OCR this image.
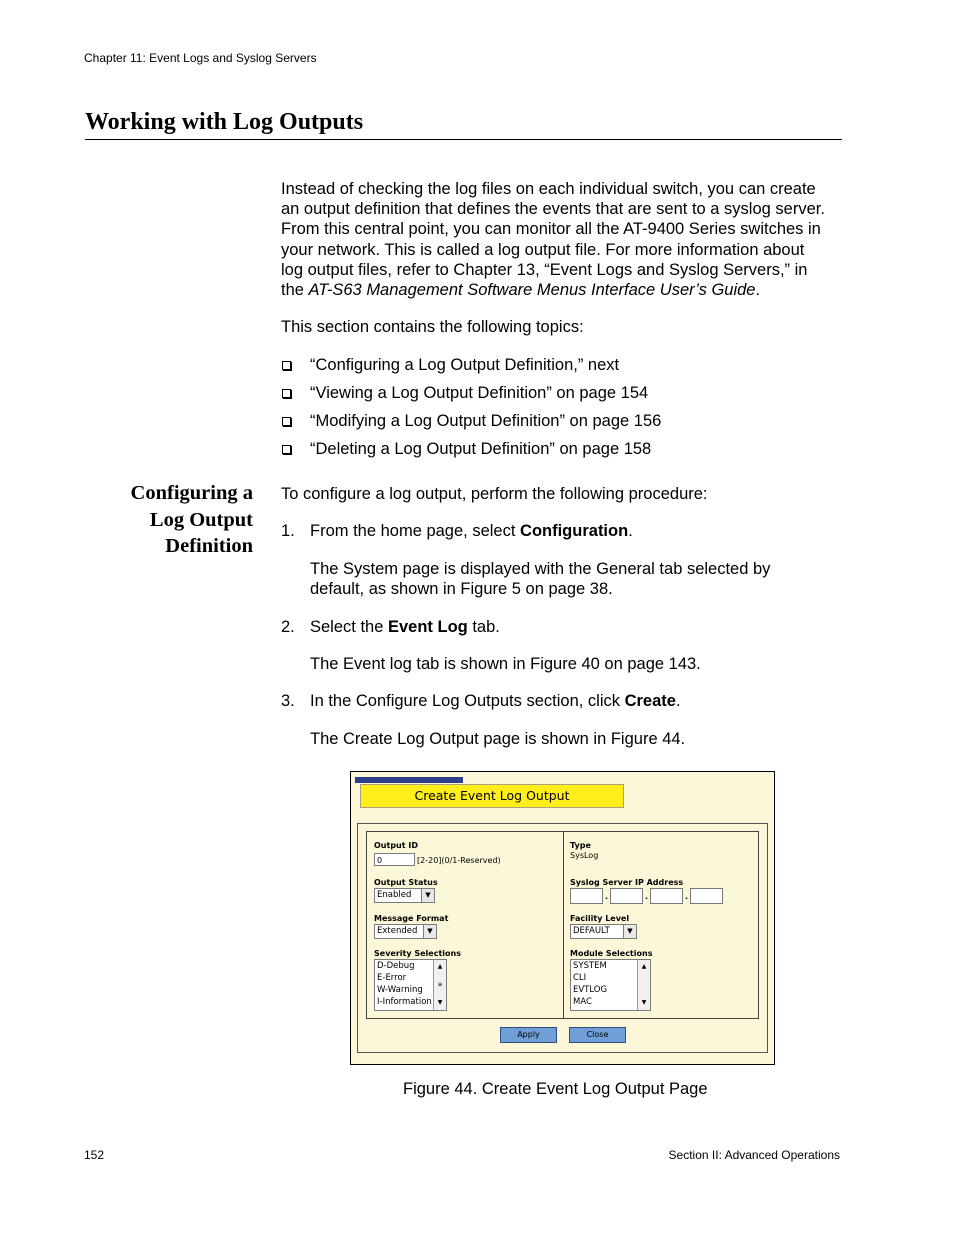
Chapter 11: Event Logs and Syslog Servers
Working with Log Outputs
Instead of checking the log files on each individual switch, you can create
an output definition that defines the events that are sent to a syslog server.
From this central point, you can monitor all the AT-9400 Series switches in
your network. This is called a log output file. For more information about
log output files, refer to Chapter 13, “Event Logs and Syslog Servers,” in
the AT-S63 Management Software Menus Interface User’s Guide.
This section contains the following topics:
“Configuring a Log Output Definition,” next
“Viewing a Log Output Definition” on page 154
“Modifying a Log Output Definition” on page 156
“Deleting a Log Output Definition” on page 158
Configuring a
Log Output
Definition
To configure a log output, perform the following procedure:
1. From the home page, select Configuration.
The System page is displayed with the General tab selected by
default, as shown in Figure 5 on page 38.
2. Select the Event Log tab.
The Event log tab is shown in Figure 40 on page 143.
3. In the Configure Log Outputs section, click Create.
The Create Log Output page is shown in Figure 44.
Create Event Log Output
Output ID
0	[2-20](0/1-Reserved)
Output Status
Enabled	▼
Message Format
Extended	▼
Severity Selections
D-Debug
E-Error
W-Warning
I-Information
▲
≡
▼
Type
SysLog
Syslog Server IP Address
.	.	.
Facility Level
DEFAULT	▼
Module Selections
SYSTEM
CLI
EVTLOG
MAC
▲
▼
Apply	Close
Figure 44. Create Event Log Output Page
152	Section II: Advanced Operations
